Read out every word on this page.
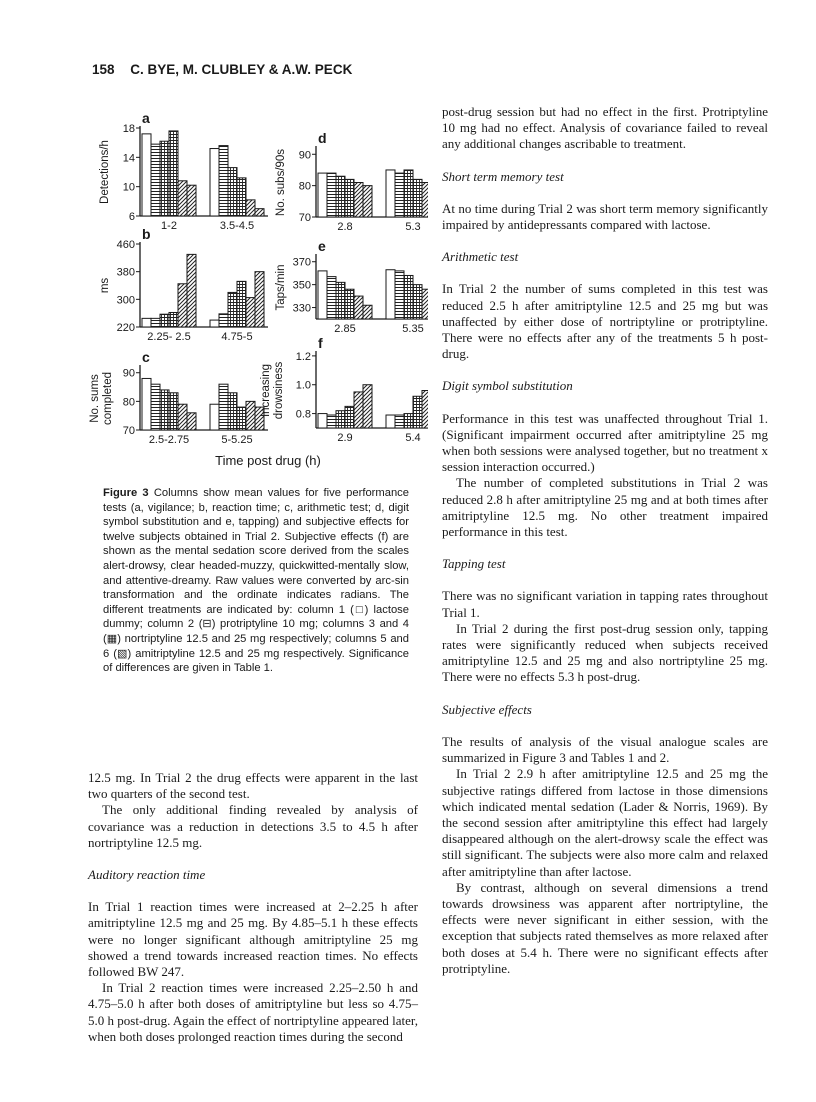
158 C. BYE, M. CLUBLEY & A.W. PECK
a
6
10
14
18
Detections/h
1-2	3.5-4.5
b
220
300
380
460
ms
2.25- 2.5	4.75-5
c
70
80
90
No. sums completed
2.5-2.75	5-5.25
d
70
80
90
No. subs/90s
2.8	5.3
e
330
350
370
Taps/min
2.85	5.35
f
0.8
1.0
1.2
Increasing drowsiness
2.9	5.4
Time post drug (h)
Figure 3 Columns show mean values for five performance tests (a, vigilance; b, reaction time; c, arithmetic test; d, digit symbol substitution and e, tapping) and subjective effects for twelve subjects obtained in Trial 2. Subjective effects (f) are shown as the mental sedation score derived from the scales alert-drowsy, clear headed-muzzy, quickwitted-mentally slow, and attentive-dreamy. Raw values were converted by arc-sin transformation and the ordinate indicates radians. The different treatments are indicated by: column 1 (□) lactose dummy; column 2 (⊟) protriptyline 10 mg; columns 3 and 4 (▦) nortriptyline 12.5 and 25 mg respectively; columns 5 and 6 (▧) amitriptyline 12.5 and 25 mg respectively. Significance of differences are given in Table 1.

12.5 mg. In Trial 2 the drug effects were apparent in the last two quarters of the second test.

The only additional finding revealed by analysis of covariance was a reduction in detections 3.5 to 4.5 h after nortriptyline 12.5 mg.

Auditory reaction time

In Trial 1 reaction times were increased at 2–2.25 h after amitriptyline 12.5 mg and 25 mg. By 4.85–5.1 h these effects were no longer significant although amitriptyline 25 mg showed a trend towards increased reaction times. No effects followed BW 247.

In Trial 2 reaction times were increased 2.25–2.50 h and 4.75–5.0 h after both doses of amitriptyline but less so 4.75–5.0 h post-drug. Again the effect of nortriptyline appeared later, when both doses prolonged reaction times during the second

post-drug session but had no effect in the first. Protriptyline 10 mg had no effect. Analysis of covariance failed to reveal any additional changes ascribable to treatment.

Short term memory test

At no time during Trial 2 was short term memory significantly impaired by antidepressants compared with lactose.

Arithmetic test

In Trial 2 the number of sums completed in this test was reduced 2.5 h after amitriptyline 12.5 and 25 mg but was unaffected by either dose of nortriptyline or protriptyline. There were no effects after any of the treatments 5 h post-drug.

Digit symbol substitution

Performance in this test was unaffected throughout Trial 1. (Significant impairment occurred after amitriptyline 25 mg when both sessions were analysed together, but no treatment x session interaction occurred.)

The number of completed substitutions in Trial 2 was reduced 2.8 h after amitriptyline 25 mg and at both times after amitriptyline 12.5 mg. No other treatment impaired performance in this test.

Tapping test

There was no significant variation in tapping rates throughout Trial 1.

In Trial 2 during the first post-drug session only, tapping rates were significantly reduced when subjects received amitriptyline 12.5 and 25 mg and also nortriptyline 25 mg. There were no effects 5.3 h post-drug.

Subjective effects

The results of analysis of the visual analogue scales are summarized in Figure 3 and Tables 1 and 2.

In Trial 2 2.9 h after amitriptyline 12.5 and 25 mg the subjective ratings differed from lactose in those dimensions which indicated mental sedation (Lader & Norris, 1969). By the second session after amitriptyline this effect had largely disappeared although on the alert-drowsy scale the effect was still significant. The subjects were also more calm and relaxed after amitriptyline than after lactose.

By contrast, although on several dimensions a trend towards drowsiness was apparent after nortriptyline, the effects were never significant in either session, with the exception that subjects rated themselves as more relaxed after both doses at 5.4 h. There were no significant effects after protriptyline.
